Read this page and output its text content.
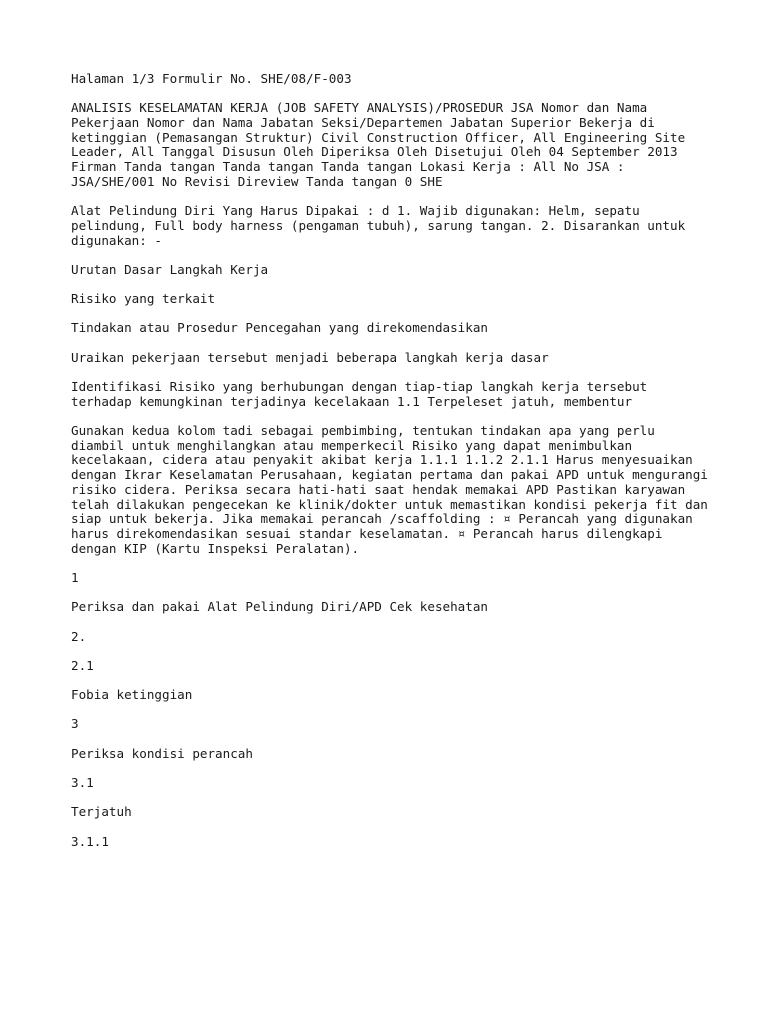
Halaman 1/3 Formulir No. SHE/08/F-003

ANALISIS KESELAMATAN KERJA (JOB SAFETY ANALYSIS)/PROSEDUR JSA Nomor dan Nama Pekerjaan Nomor dan Nama Jabatan Seksi/Departemen Jabatan Superior Bekerja di ketinggian (Pemasangan Struktur) Civil Construction Officer, All Engineering Site Leader, All Tanggal Disusun Oleh Diperiksa Oleh Disetujui Oleh 04 September 2013 Firman Tanda tangan Tanda tangan Tanda tangan Lokasi Kerja : All No JSA : JSA/SHE/001 No Revisi Direview Tanda tangan 0 SHE

Alat Pelindung Diri Yang Harus Dipakai : d 1. Wajib digunakan: Helm, sepatu pelindung, Full body harness (pengaman tubuh), sarung tangan. 2. Disarankan untuk digunakan: -

Urutan Dasar Langkah Kerja

Risiko yang terkait

Tindakan atau Prosedur Pencegahan yang direkomendasikan

Uraikan pekerjaan tersebut menjadi beberapa langkah kerja dasar

Identifikasi Risiko yang berhubungan dengan tiap-tiap langkah kerja tersebut terhadap kemungkinan terjadinya kecelakaan 1.1 Terpeleset jatuh, membentur

Gunakan kedua kolom tadi sebagai pembimbing, tentukan tindakan apa yang perlu diambil untuk menghilangkan atau memperkecil Risiko yang dapat menimbulkan kecelakaan, cidera atau penyakit akibat kerja 1.1.1 1.1.2 2.1.1 Harus menyesuaikan dengan Ikrar Keselamatan Perusahaan, kegiatan pertama dan pakai APD untuk mengurangi risiko cidera. Periksa secara hati-hati saat hendak memakai APD Pastikan karyawan telah dilakukan pengecekan ke klinik/dokter untuk memastikan kondisi pekerja fit dan siap untuk bekerja. Jika memakai perancah /scaffolding : ¤ Perancah yang digunakan harus direkomendasikan sesuai standar keselamatan. ¤ Perancah harus dilengkapi dengan KIP (Kartu Inspeksi Peralatan).

1

Periksa dan pakai Alat Pelindung Diri/APD Cek kesehatan

2.

2.1

Fobia ketinggian

3

Periksa kondisi perancah

3.1

Terjatuh

3.1.1
